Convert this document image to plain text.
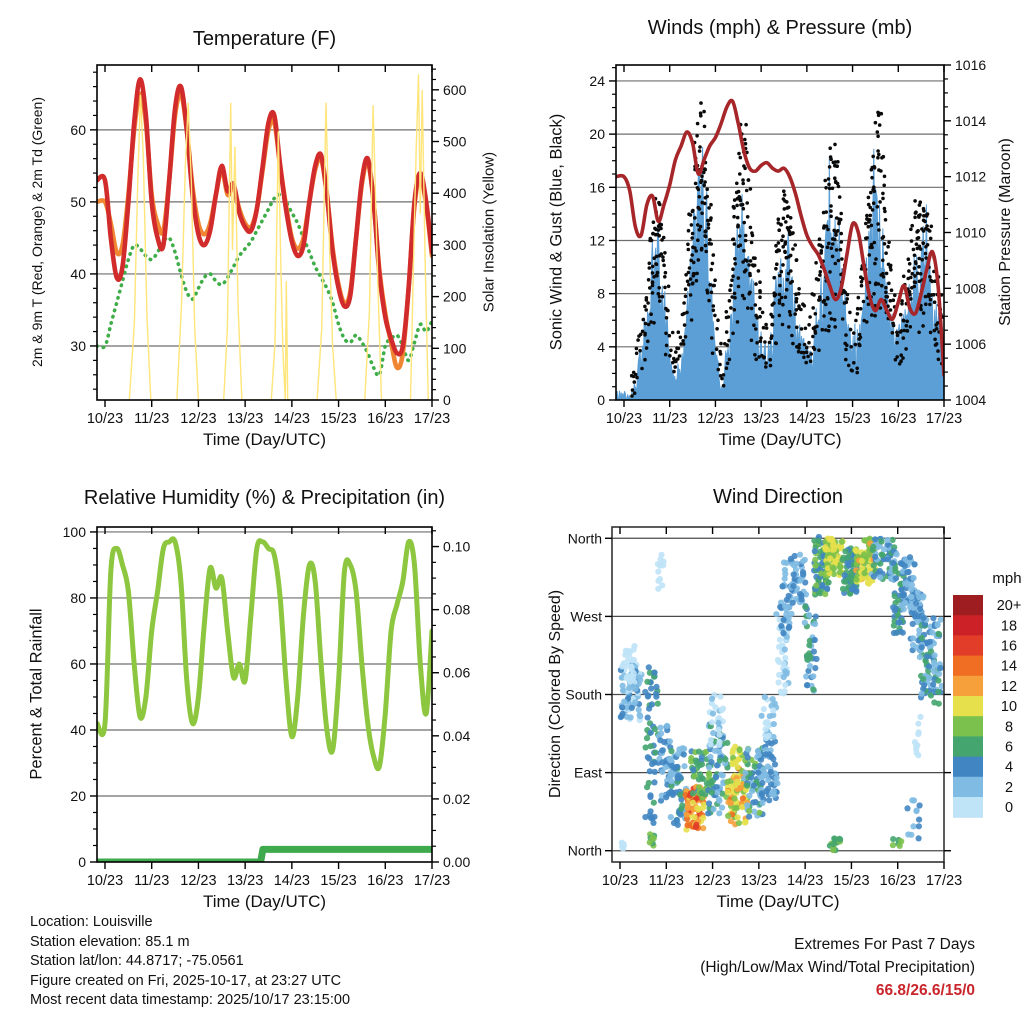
10/23 11/23 12/23 13/23 14/23 15/23 16/23 17/23
30
40
50
60
0
100
200
300
400
500
600
10/23 11/23 12/23 13/23 14/23 15/23 16/23 17/23
0
4
8
12
16
20
24
1004
1006
1008
1010
1012
1014
1016
10/23 11/23 12/23 13/23 14/23 15/23 16/23 17/23
0
20
40
60
80
100
0.00
0.02
0.04
0.06
0.08
0.10
10/23 11/23 12/23 13/23 14/23 15/23 16/23 17/23
North
West
South
East
North
20+
18
16
14
12
10
8
6
4
2
0
Temperature (F)	Winds (mph) & Pressure (mb)
Relative Humidity (%) & Precipitation (in)	Wind Direction
Time (Day/UTC)	Time (Day/UTC)
Time (Day/UTC)	Time (Day/UTC)
2m & 9m T (Red, Orange) & 2m Td (Green)	Solar Insolation (Yellow)	Sonic Wind & Gust (Blue, Black)	Station Pressure (Maroon)
Percent & Total Rainfall	Direction (Colored By Speed)
mph
Location: Louisville
Station elevation: 85.1 m
Station lat/lon: 44.8717; -75.0561
Figure created on Fri, 2025-10-17, at 23:27 UTC
Most recent data timestamp: 2025/10/17 23:15:00
Extremes For Past 7 Days
(High/Low/Max Wind/Total Precipitation)
66.8/26.6/15/0
